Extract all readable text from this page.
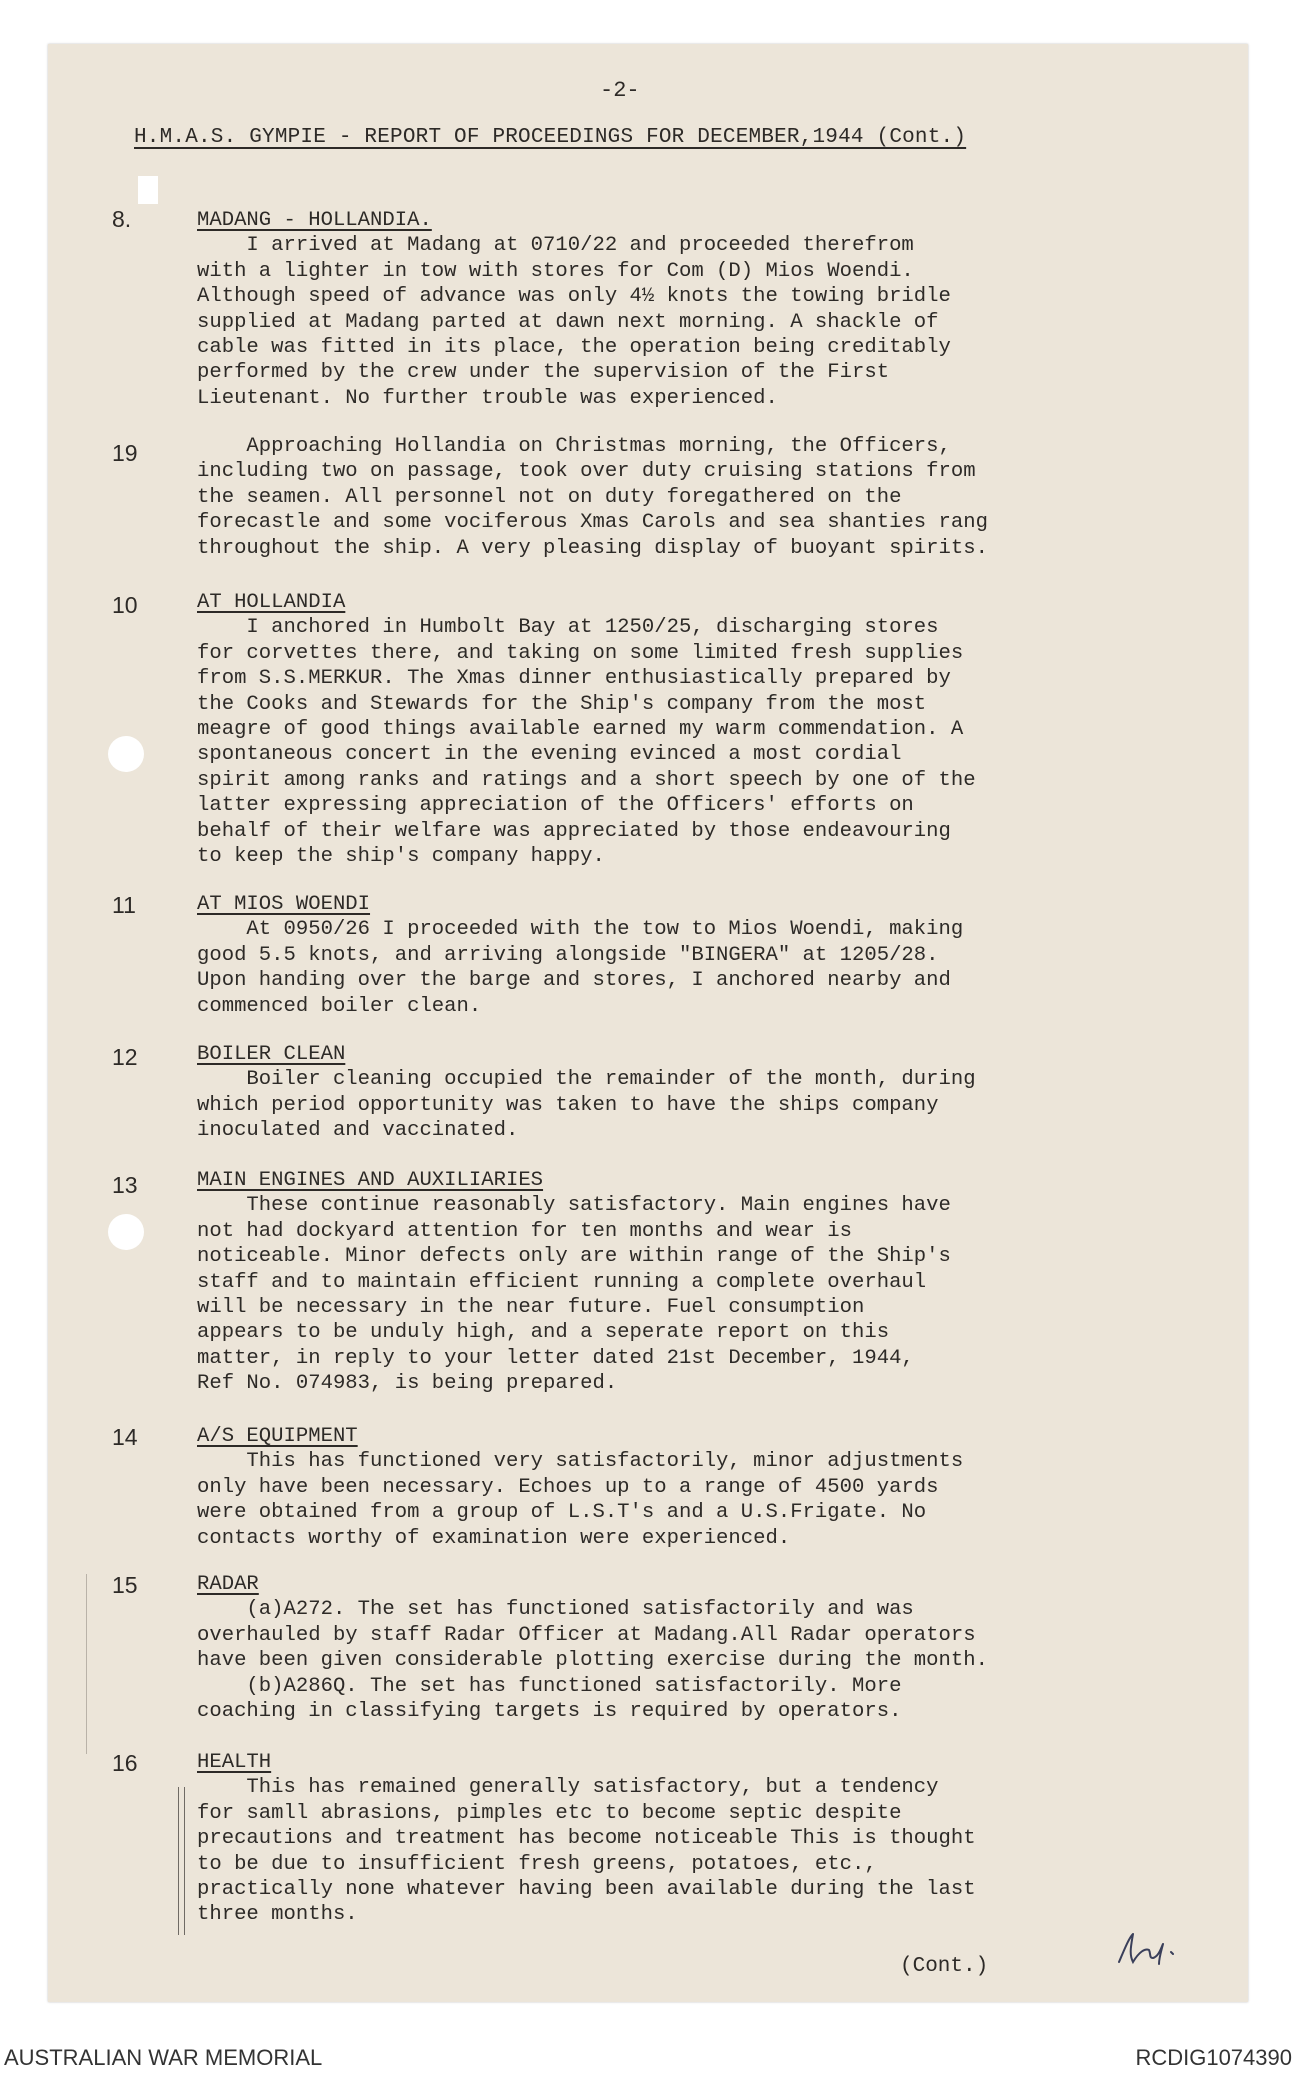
-2-
H.M.A.S. GYMPIE - REPORT OF PROCEEDINGS FOR DECEMBER,1944 (Cont.)
8.	MADANG - HOLLANDIA.
I arrived at Madang at 0710/22 and proceeded therefrom
with a lighter in tow with stores for Com (D) Mios Woendi.
Although speed of advance was only 4½ knots the towing bridle
supplied at Madang parted at dawn next morning. A shackle of
cable was fitted in its place, the operation being creditably
performed by the crew under the supervision of the First
Lieutenant. No further trouble was experienced.
19	Approaching Hollandia on Christmas morning, the Officers,
including two on passage, took over duty cruising stations from
the seamen. All personnel not on duty foregathered on the
forecastle and some vociferous Xmas Carols and sea shanties rang
throughout the ship. A very pleasing display of buoyant spirits.
10	AT HOLLANDIA
I anchored in Humbolt Bay at 1250/25, discharging stores
for corvettes there, and taking on some limited fresh supplies
from S.S.MERKUR. The Xmas dinner enthusiastically prepared by
the Cooks and Stewards for the Ship's company from the most
meagre of good things available earned my warm commendation. A
spontaneous concert in the evening evinced a most cordial
spirit among ranks and ratings and a short speech by one of the
latter expressing appreciation of the Officers' efforts on
behalf of their welfare was appreciated by those endeavouring
to keep the ship's company happy.
11	AT MIOS WOENDI
At 0950/26 I proceeded with the tow to Mios Woendi, making
good 5.5 knots, and arriving alongside "BINGERA" at 1205/28.
Upon handing over the barge and stores, I anchored nearby and
commenced boiler clean.
12	BOILER CLEAN
Boiler cleaning occupied the remainder of the month, during
which period opportunity was taken to have the ships company
inoculated and vaccinated.
13	MAIN ENGINES AND AUXILIARIES
These continue reasonably satisfactory. Main engines have
not had dockyard attention for ten months and wear is
noticeable. Minor defects only are within range of the Ship's
staff and to maintain efficient running a complete overhaul
will be necessary in the near future. Fuel consumption
appears to be unduly high, and a seperate report on this
matter, in reply to your letter dated 21st December, 1944,
Ref No. 074983, is being prepared.
14	A/S EQUIPMENT
This has functioned very satisfactorily, minor adjustments
only have been necessary. Echoes up to a range of 4500 yards
were obtained from a group of L.S.T's and a U.S.Frigate. No
contacts worthy of examination were experienced.
15	RADAR
(a)A272. The set has functioned satisfactorily and was
overhauled by staff Radar Officer at Madang.All Radar operators
have been given considerable plotting exercise during the month.
(b)A286Q. The set has functioned satisfactorily. More
coaching in classifying targets is required by operators.
16	HEALTH
This has remained generally satisfactory, but a tendency
for samll abrasions, pimples etc to become septic despite
precautions and treatment has become noticeable This is thought
to be due to insufficient fresh greens, potatoes, etc.,
practically none whatever having been available during the last
three months.
(Cont.)
AUSTRALIAN WAR MEMORIAL	RCDIG1074390
